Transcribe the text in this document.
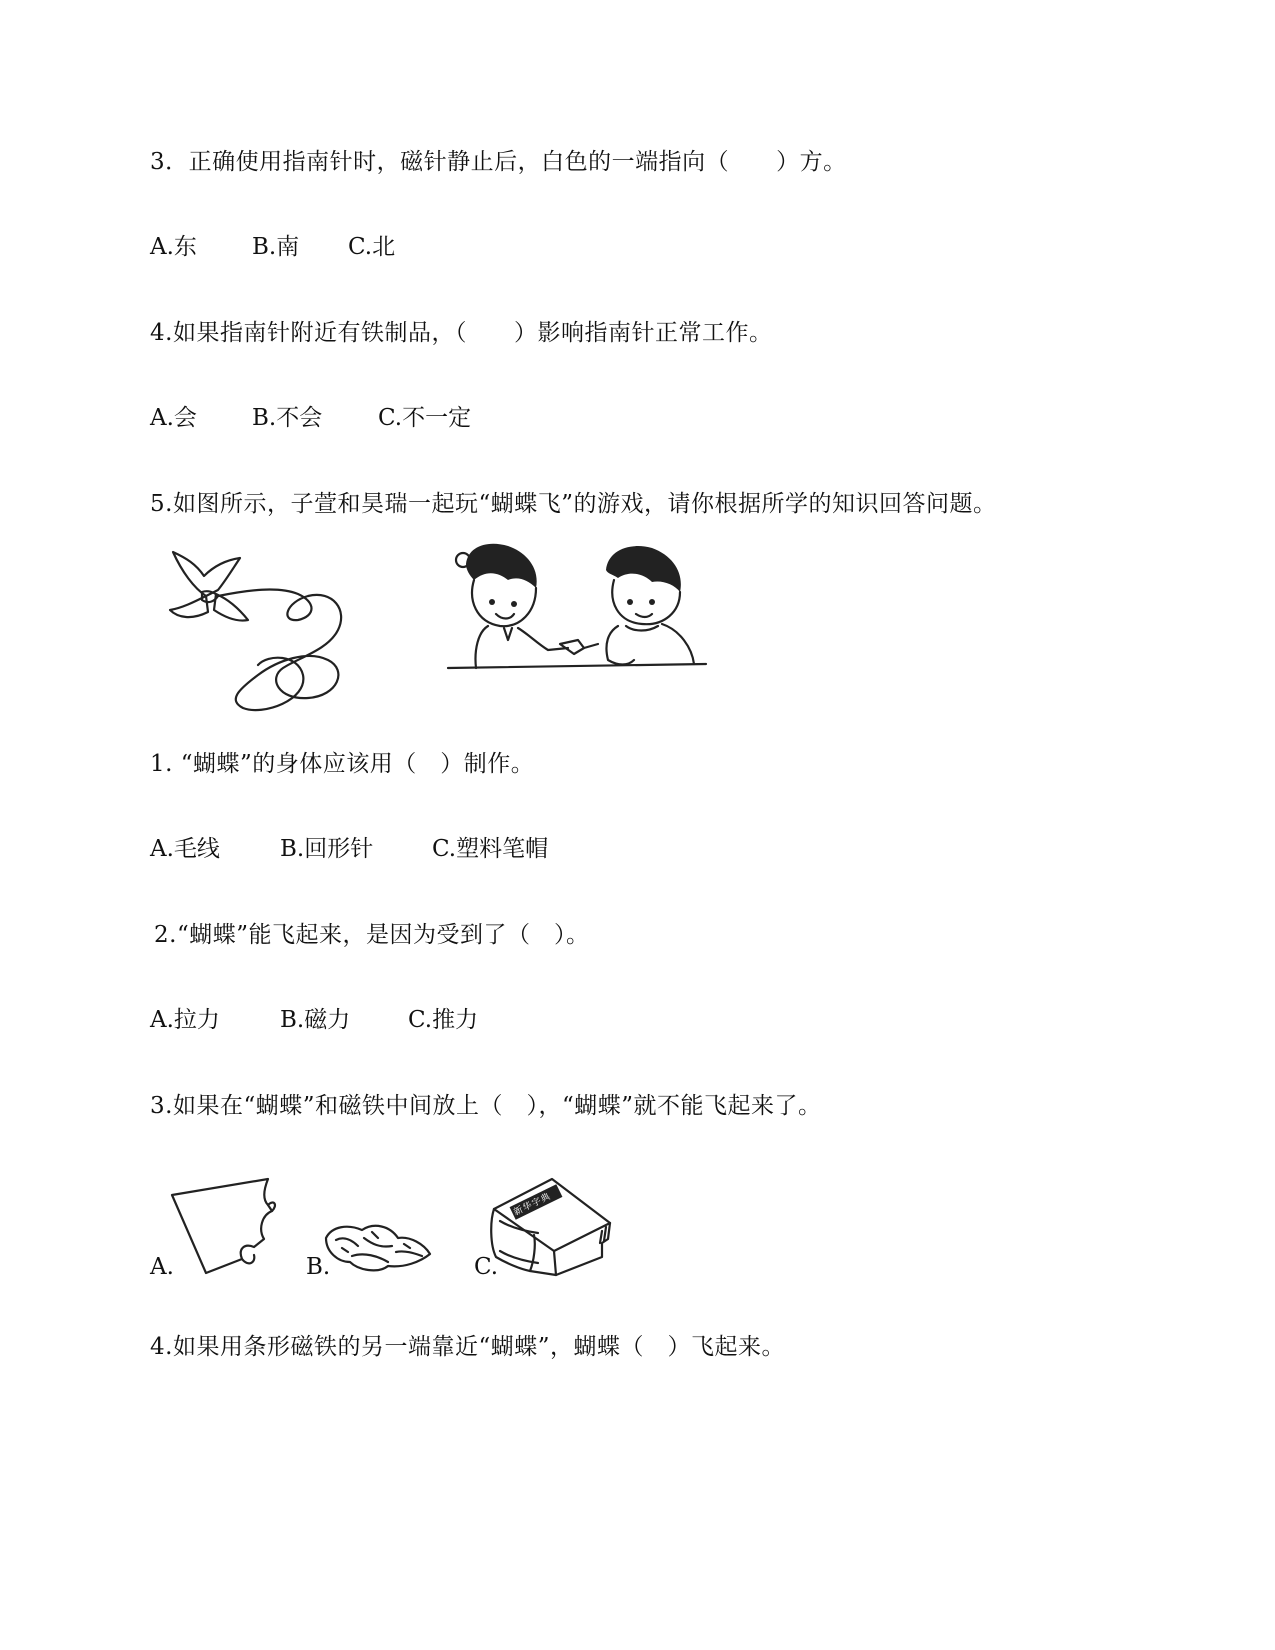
3．正确使用指南针时，磁针静止后，白色的一端指向（　　）方。

A.东 B.南 C.北

4.如果指南针附近有铁制品，（　　）影响指南针正常工作。

A.会 B.不会 C.不一定

5.如图所示，子萱和昊瑞一起玩“蝴蝶飞”的游戏，请你根据所学的知识回答问题。

1. “蝴蝶”的身体应该用（　）制作。

A.毛线	B.回形针	C.塑料笔帽

2.“蝴蝶”能飞起来，是因为受到了（　）。

A.拉力	B.磁力	C.推力

3.如果在“蝴蝶”和磁铁中间放上（　），“蝴蝶”就不能飞起来了。

A.	B.	C.
新华字典

4.如果用条形磁铁的另一端靠近“蝴蝶”，蝴蝶（　）飞起来。
